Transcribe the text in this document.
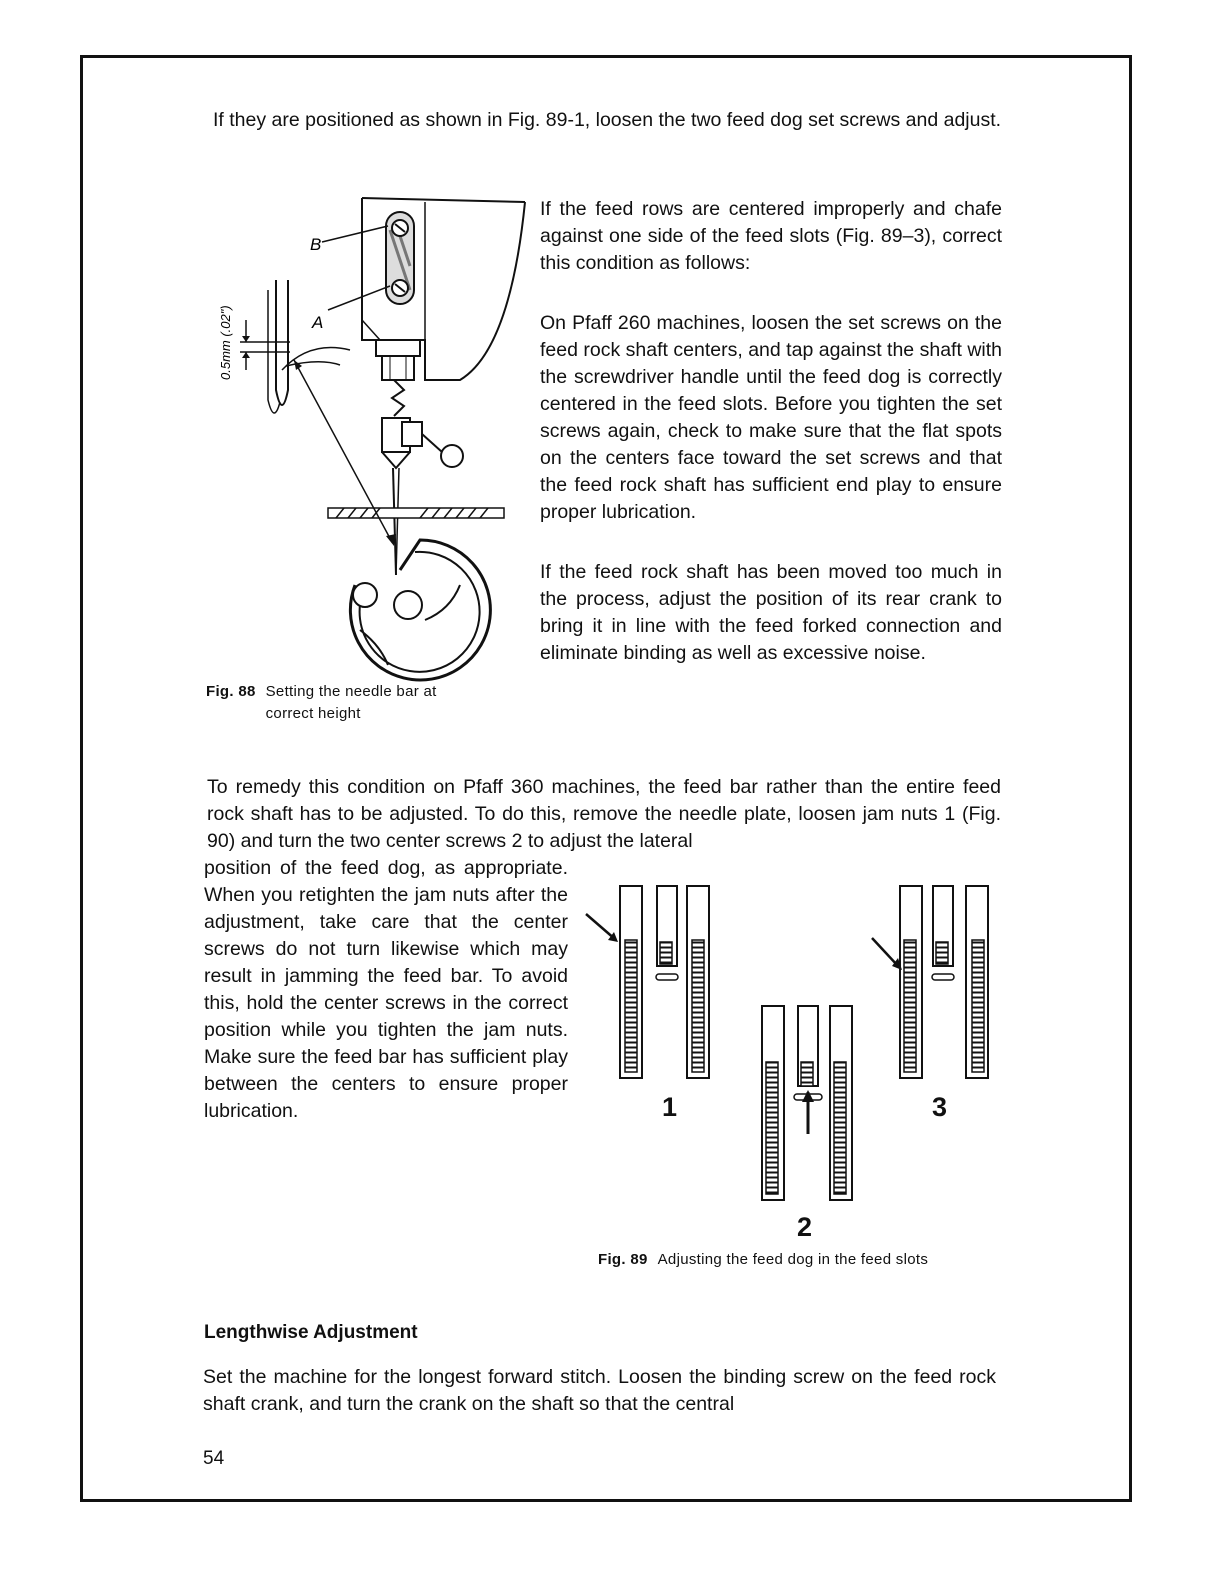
If they are positioned as shown in Fig. 89-1, loosen the two feed dog set screws and adjust.

If the feed rows are centered improperly and chafe against one side of the feed slots (Fig. 89–3), correct this condition as follows:

On Pfaff 260 machines, loosen the set screws on the feed rock shaft centers, and tap against the shaft with the screwdriver handle until the feed dog is correctly centered in the feed slots. Before you tighten the set screws again, check to make sure that the flat spots on the centers face toward the set screws and that the feed rock shaft has sufficient end play to ensure proper lubrication.

If the feed rock shaft has been moved too much in the process, adjust the position of its rear crank to bring it in line with the feed forked connection and eliminate binding as well as excessive noise.

B
A
0.5mm (.02")
Fig. 88 Setting the needle bar at correct height
To remedy this condition on Pfaff 360 machines, the feed bar rather than the entire feed rock shaft has to be adjusted. To do this, remove the needle plate, loosen jam nuts 1 (Fig. 90) and turn the two center screws 2 to adjust the lateral
position of the feed dog, as appropriate. When you retighten the jam nuts after the adjustment, take care that the center screws do not turn likewise which may result in jamming the feed bar. To avoid this, hold the center screws in the correct position while you tighten the jam nuts. Make sure the feed bar has sufficient play between the centers to ensure proper lubrication.	1
2
3
Fig. 89 Adjusting the feed dog in the feed slots
Lengthwise Adjustment
Set the machine for the longest forward stitch. Loosen the binding screw on the feed rock shaft crank, and turn the crank on the shaft so that the central
54
